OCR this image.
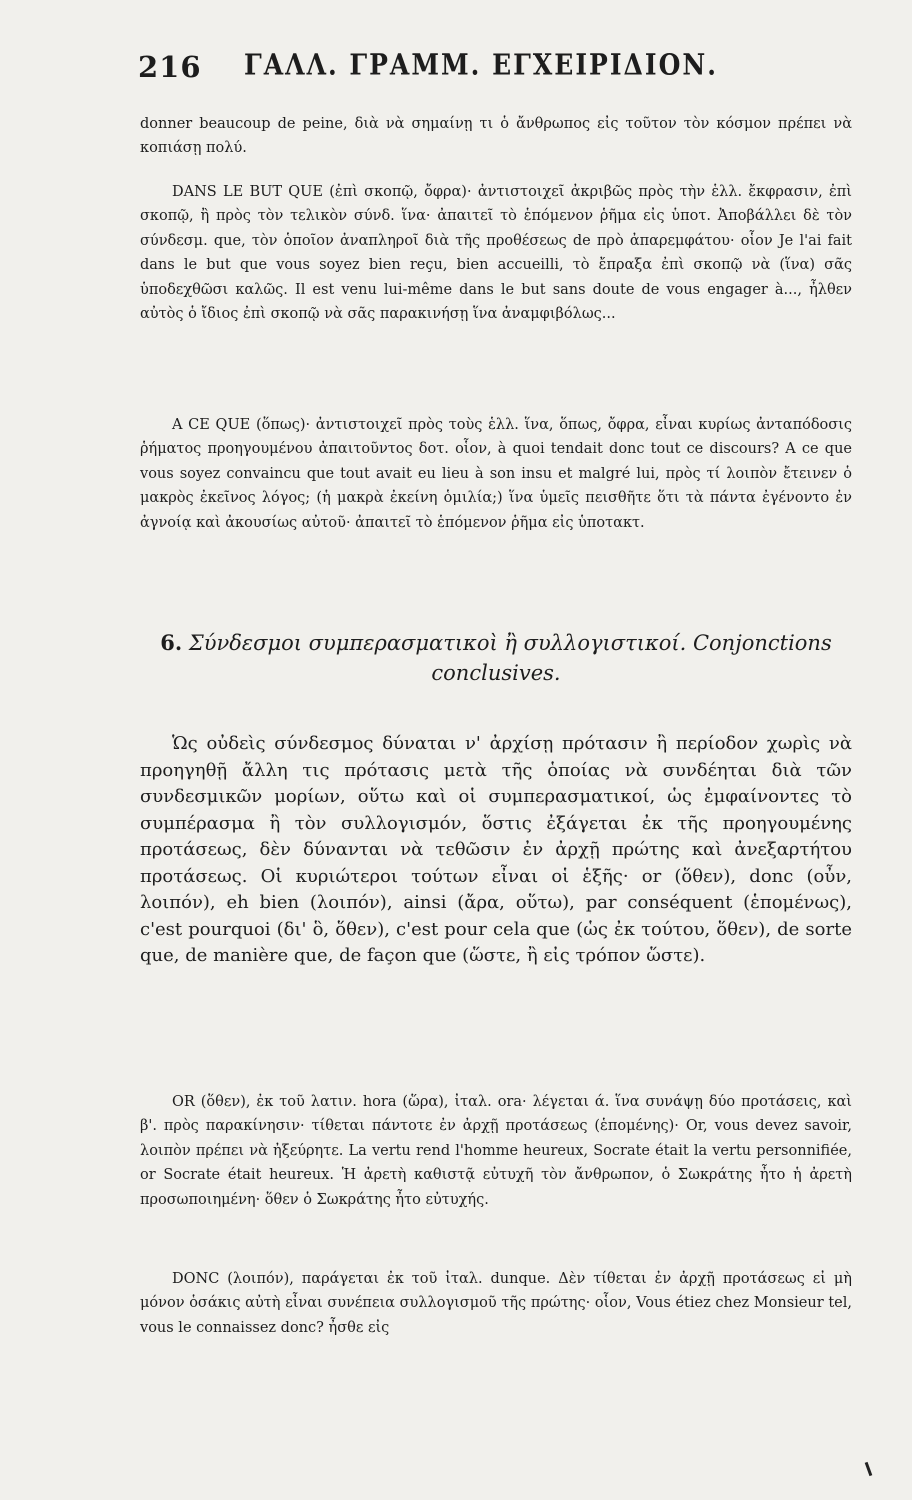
216 ΓΑΛΛ. ΓΡΑΜΜ. ΕΓΧΕΙΡΙΔΙΟΝ.

donner beaucoup de peine, διὰ νὰ σημαίνῃ τι ὁ ἄνθρωπος εἰς τοῦτον τὸν κόσμον πρέπει νὰ κοπιάσῃ πολύ.

DANS LE BUT QUE (ἐπὶ σκοπῷ, ὄφρα)· ἀντιστοιχεῖ ἀκριβῶς πρὸς τὴν ἑλλ. ἔκφρασιν, ἐπὶ σκοπῷ, ἢ πρὸς τὸν τελικὸν σύνδ. ἵνα· ἀπαιτεῖ τὸ ἑπόμενον ῥῆμα εἰς ὑποτ. Ἀποβάλλει δὲ τὸν σύνδεσμ. que, τὸν ὁποῖον ἀναπληροῖ διὰ τῆς προθέσεως de πρὸ ἀπαρεμφάτου· οἷον Je l'ai fait dans le but que vous soyez bien reçu, bien accueilli, τὸ ἔπραξα ἐπὶ σκοπῷ νὰ (ἵνα) σᾶς ὑποδεχθῶσι καλῶς. Il est venu lui-même dans le but sans doute de vous engager à..., ἦλθεν αὐτὸς ὁ ἴδιος ἐπὶ σκοπῷ νὰ σᾶς παρακινήσῃ ἵνα ἀναμφιβόλως...

A CE QUE (ὅπως)· ἀντιστοιχεῖ πρὸς τοὺς ἑλλ. ἵνα, ὅπως, ὄφρα, εἶναι κυρίως ἀνταπόδοσις ῥήματος προηγουμένου ἀπαιτοῦντος δοτ. οἷον, à quoi tendait donc tout ce discours? A ce que vous soyez convaincu que tout avait eu lieu à son insu et malgré lui, πρὸς τί λοιπὸν ἔτεινεν ὁ μακρὸς ἐκεῖνος λόγος; (ἡ μακρὰ ἐκείνη ὁμιλία;) ἵνα ὑμεῖς πεισθῆτε ὅτι τὰ πάντα ἐγένοντο ἐν ἀγνοίᾳ καὶ ἀκουσίως αὐτοῦ· ἀπαιτεῖ τὸ ἑπόμενον ῥῆμα εἰς ὑποτακτ.

6. Σύνδεσμοι συμπερασματικοὶ ἢ συλλογιστικοί. Conjonctions conclusives.

Ὡς οὐδεὶς σύνδεσμος δύναται ν' ἀρχίσῃ πρότασιν ἢ περίοδον χωρὶς νὰ προηγηθῇ ἄλλη τις πρότασις μετὰ τῆς ὁποίας νὰ συνδέηται διὰ τῶν συνδεσμικῶν μορίων, οὕτω καὶ οἱ συμπερασματικοί, ὡς ἐμφαίνοντες τὸ συμπέρασμα ἢ τὸν συλλογισμόν, ὅστις ἐξάγεται ἐκ τῆς προηγουμένης προτάσεως, δὲν δύνανται νὰ τεθῶσιν ἐν ἀρχῇ πρώτης καὶ ἀνεξαρτήτου προτάσεως. Οἱ κυριώτεροι τούτων εἶναι οἱ ἑξῆς· or (ὅθεν), donc (οὖν, λοιπόν), eh bien (λοιπόν), ainsi (ἄρα, οὕτω), par conséquent (ἑπομένως), c'est pourquoi (δι' ὃ, ὅθεν), c'est pour cela que (ὡς ἐκ τούτου, ὅθεν), de sorte que, de manière que, de façon que (ὥστε, ἢ εἰς τρόπον ὥστε).

OR (ὅθεν), ἐκ τοῦ λατιν. hora (ὥρα), ἰταλ. ora· λέγεται ά. ἵνα συνάψῃ δύο προτάσεις, καὶ β'. πρὸς παρακίνησιν· τίθεται πάντοτε ἐν ἀρχῇ προτάσεως (ἑπομένης)· Or, vous devez savoir, λοιπὸν πρέπει νὰ ἠξεύρητε. La vertu rend l'homme heureux, Socrate était la vertu personnifiée, or Socrate était heureux. Ἡ ἀρετὴ καθιστᾷ εὐτυχῆ τὸν ἄνθρωπον, ὁ Σωκράτης ἦτο ἡ ἀρετὴ προσωποιημένη· ὅθεν ὁ Σωκράτης ἦτο εὐτυχής.

DONC (λοιπόν), παράγεται ἐκ τοῦ ἰταλ. dunque. Δὲν τίθεται ἐν ἀρχῇ προτάσεως εἰ μὴ μόνον ὁσάκις αὐτὴ εἶναι συνέπεια συλλογισμοῦ τῆς πρώτης· οἷον, Vous étiez chez Monsieur tel, vous le connaissez donc? ἦσθε εἰς
